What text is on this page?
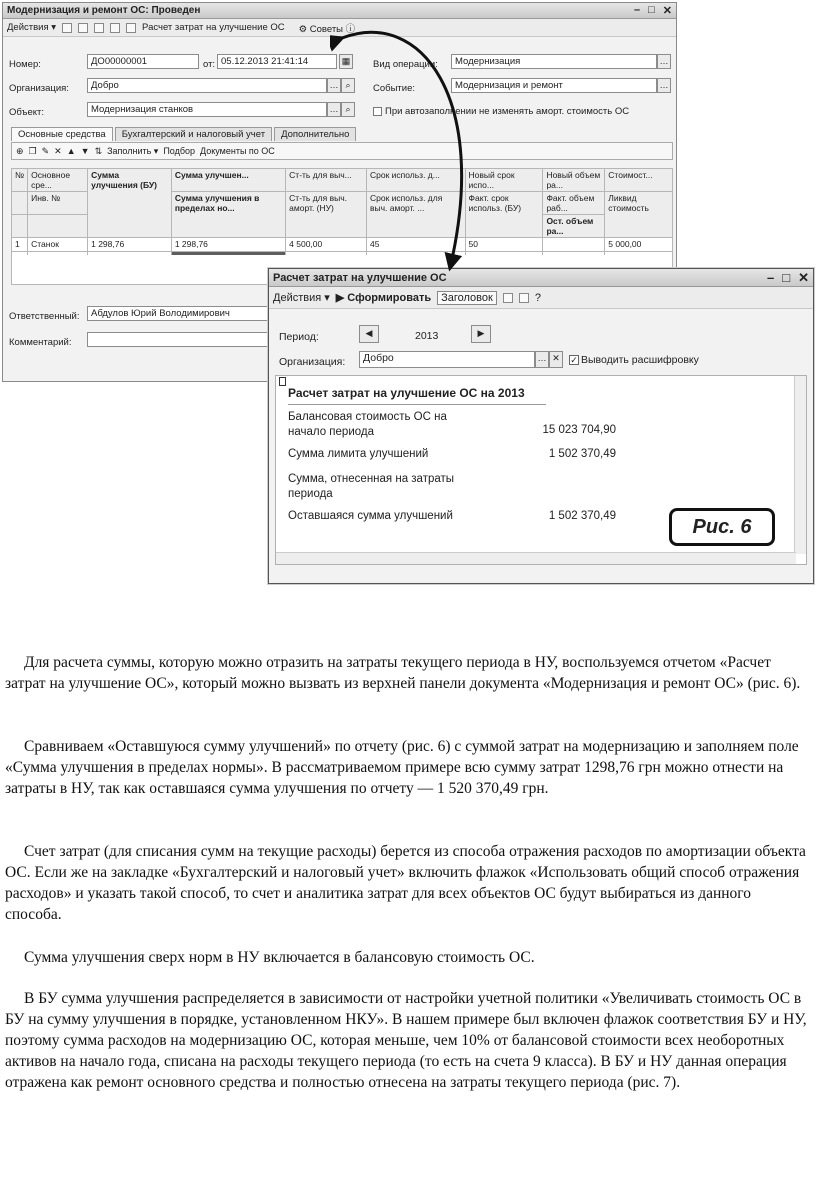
Модернизация и ремонт ОС: Проведен	– □ ✕
Действия ▾	Расчет затрат на улучшение ОС ⚙ Советы ⓘ
Номер:	ДО00000001	от: 05.12.2013 21:41:14	▦ Вид операции:	Модернизация	…
Организация:	Добро	… ⌕	Событие:	Модернизация и ремонт	…
Объект:	Модернизация станков	… ⌕	При автозаполнении не изменять аморт. стоимость ОС
Основные средства	Бухгалтерский и налоговый учет	Дополнительно
⊕ ❐ ✎ ✕ ▲ ▼ ⇅ Заполнить ▾ Подбор Документы по ОС
№	Основное сре...	Сумма улучшения (БУ)	Сумма улучшен...	Ст-ть для выч...	Срок использ. д...	Новый срок испо...	Новый объем ра...	Стоимост...
	Инв. №		Сумма улучшения в пределах но...	Ст-ть для выч. аморт. (НУ)	Срок использ. для выч. аморт. ...	Факт. срок использ. (БУ)	Факт. объем раб...	Ликвид стоимость
							Ост. объем ра...	
1	Станок	1 298,76	1 298,76	4 500,00	45	50		5 000,00

Ответственный:	Абдулов Юрий Володимирович
Комментарий:
Расчет затрат на улучшение ОС	– □ ✕
Действия ▾ ▶ Сформировать Заголовок	?
Период:	◀	2013	▶
Организация:	Добро	… ✕	✓ Выводить расшифровку
Расчет затрат на улучшение ОС на 2013
Балансовая стоимость ОС на начало периода	15 023 704,90
Сумма лимита улучшений	1 502 370,49
Сумма, отнесенная на затраты периода
Оставшаяся сумма улучшений	1 502 370,49	Рис. 6

Для расчета суммы, которую можно отразить на затраты текущего периода в НУ, воспользуемся отчетом «Расчет затрат на улучшение ОС», который можно вызвать из верхней панели документа «Модернизация и ремонт ОС» (рис. 6).

Сравниваем «Оставшуюся сумму улучшений» по отчету (рис. 6) с суммой затрат на модернизацию и заполняем поле «Сумма улучшения в пределах нормы». В рассматриваемом примере всю сумму затрат 1298,76 грн можно отнести на затраты в НУ, так как оставшаяся сумма улучшения по отчету — 1 520 370,49 грн.

Счет затрат (для списания сумм на текущие расходы) берется из способа отражения расходов по амортизации объекта ОС. Если же на закладке «Бухгалтерский и налоговый учет» включить флажок «Использовать общий способ отражения расходов» и указать такой способ, то счет и аналитика затрат для всех объектов ОС будут выбираться из данного способа.

Сумма улучшения сверх норм в НУ включается в балансовую стоимость ОС.

В БУ сумма улучшения распределяется в зависимости от настройки учетной политики «Увеличивать стоимость ОС в БУ на сумму улучшения в порядке, установленном НКУ». В нашем примере был включен флажок соответствия БУ и НУ, поэтому сумма расходов на модернизацию ОС, которая меньше, чем 10% от балансовой стоимости всех необоротных активов на начало года, списана на расходы текущего периода (то есть на счета 9 класса). В БУ и НУ данная операция отражена как ремонт основного средства и полностью отнесена на затраты текущего периода (рис. 7).
